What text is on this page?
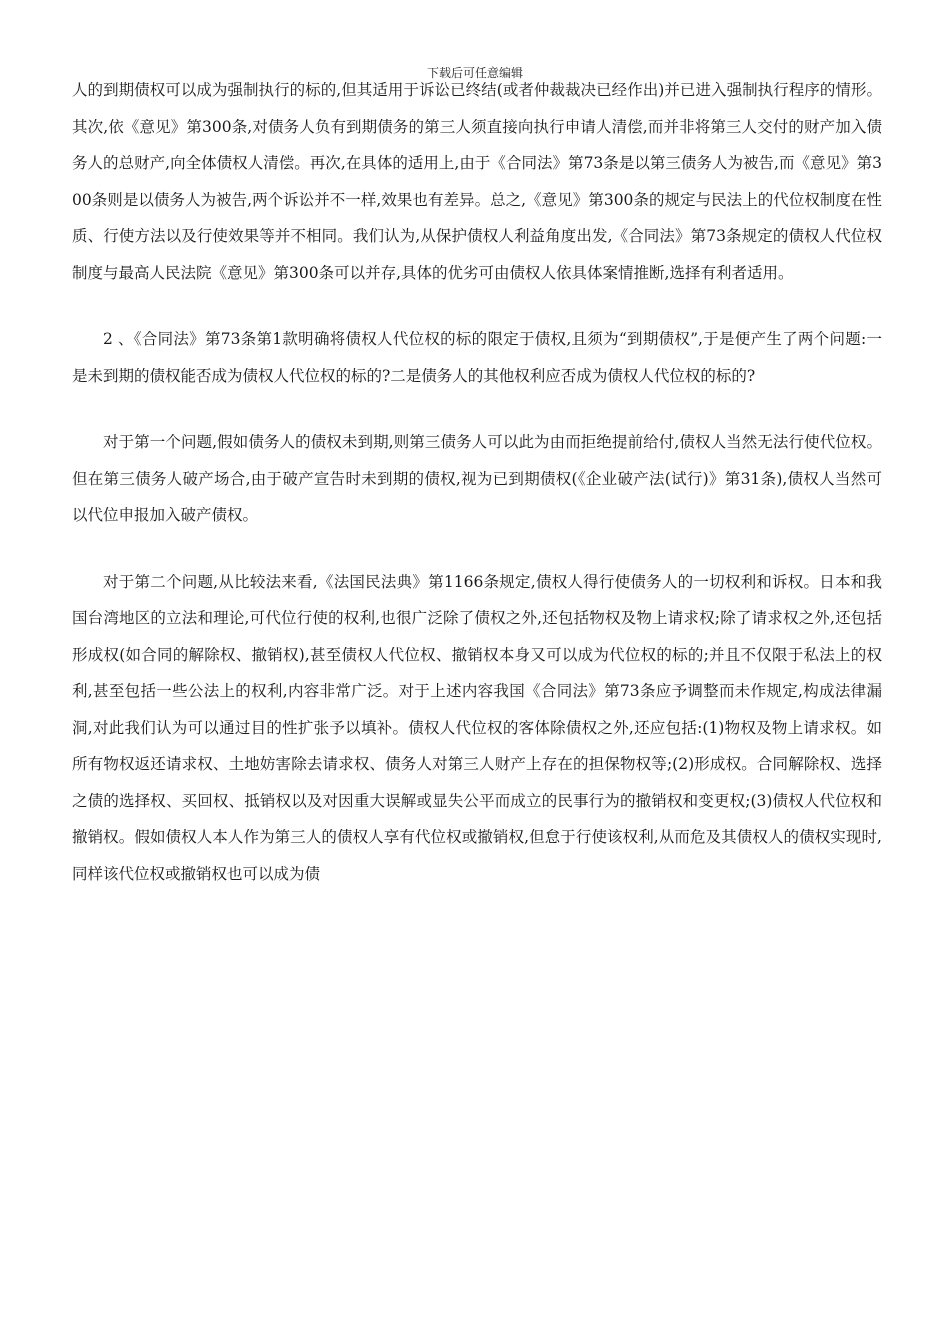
下载后可任意编辑

人的到期债权可以成为强制执行的标的,但其适用于诉讼已终结(或者仲裁裁决已经作出)并已进入强制执行程序的情形。其次,依《意见》第300条,对债务人负有到期债务的第三人须直接向执行申请人清偿,而并非将第三人交付的财产加入债务人的总财产,向全体债权人清偿。再次,在具体的适用上,由于《合同法》第73条是以第三债务人为被告,而《意见》第300条则是以债务人为被告,两个诉讼并不一样,效果也有差异。总之,《意见》第300条的规定与民法上的代位权制度在性质、行使方法以及行使效果等并不相同。我们认为,从保护债权人利益角度出发,《合同法》第73条规定的债权人代位权制度与最高人民法院《意见》第300条可以并存,具体的优劣可由债权人依具体案情推断,选择有利者适用。

2 、《合同法》第73条第1款明确将债权人代位权的标的限定于债权,且须为“到期债权”,于是便产生了两个问题:一是未到期的债权能否成为债权人代位权的标的?二是债务人的其他权利应否成为债权人代位权的标的?

对于第一个问题,假如债务人的债权未到期,则第三债务人可以此为由而拒绝提前给付,债权人当然无法行使代位权。但在第三债务人破产场合,由于破产宣告时未到期的债权,视为已到期债权(《企业破产法(试行)》第31条),债权人当然可以代位申报加入破产债权。

对于第二个问题,从比较法来看,《法国民法典》第1166条规定,债权人得行使债务人的一切权利和诉权。日本和我国台湾地区的立法和理论,可代位行使的权利,也很广泛除了债权之外,还包括物权及物上请求权;除了请求权之外,还包括形成权(如合同的解除权、撤销权),甚至债权人代位权、撤销权本身又可以成为代位权的标的;并且不仅限于私法上的权利,甚至包括一些公法上的权利,内容非常广泛。对于上述内容我国《合同法》第73条应予调整而未作规定,构成法律漏洞,对此我们认为可以通过目的性扩张予以填补。债权人代位权的客体除债权之外,还应包括:(1)物权及物上请求权。如所有物权返还请求权、土地妨害除去请求权、债务人对第三人财产上存在的担保物权等;(2)形成权。合同解除权、选择之债的选择权、买回权、抵销权以及对因重大误解或显失公平而成立的民事行为的撤销权和变更权;(3)债权人代位权和撤销权。假如债权人本人作为第三人的债权人享有代位权或撤销权,但怠于行使该权利,从而危及其债权人的债权实现时,同样该代位权或撤销权也可以成为债
